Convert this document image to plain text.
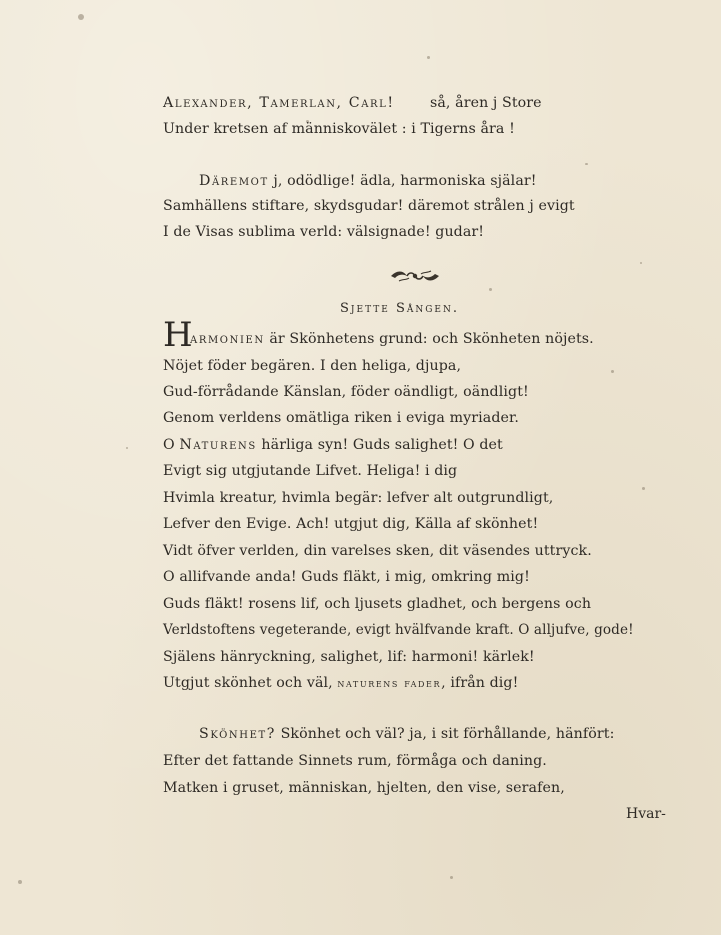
Alexander, Tamerlan, Carl! så, åren j Store
Under kretsen af människovälet : i Tigerns åra !
Däremot j, odödlige! ädla, harmoniska själar!
Samhällens stiftare, skydsgudar! däremot strålen j evigt
I de Visas sublima verld: välsignade! gudar!
Sjette Sången.
H
armonien är Skönhetens grund: och Skönheten nöjets.
Nöjet föder begären. I den heliga, djupa,
Gud-förrådande Känslan, föder oändligt, oändligt!
Genom verldens omätliga riken i eviga myriader.
O Naturens härliga syn! Guds salighet! O det
Evigt sig utgjutande Lifvet. Heliga! i dig
Hvimla kreatur, hvimla begär: lefver alt outgrundligt,
Lefver den Evige. Ach! utgjut dig, Källa af skönhet!
Vidt öfver verlden, din varelses sken, dit väsendes uttryck.
O allifvande anda! Guds fläkt, i mig, omkring mig!
Guds fläkt! rosens lif, och ljusets gladhet, och bergens och
Verldstoftens vegeterande, evigt hvälfvande kraft. O alljufve, gode!
Själens hänryckning, salighet, lif: harmoni! kärlek!
Utgjut skönhet och väl, naturens fader, ifrån dig!
Skönhet? Skönhet och väl? ja, i sit förhållande, hänfört:
Efter det fattande Sinnets rum, förmåga och daning.
Matken i gruset, människan, hjelten, den vise, serafen,
Hvar-
